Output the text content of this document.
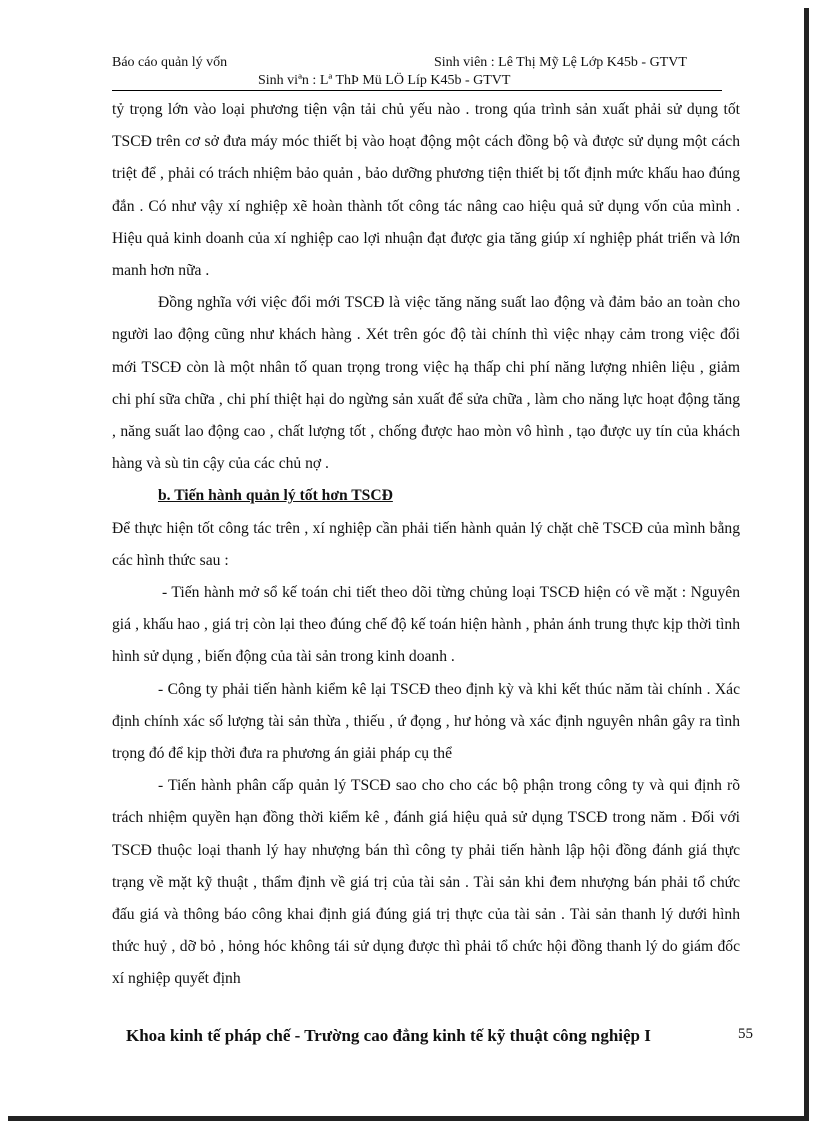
Báo cáo quản lý vốn	Sinh viên : Lê Thị Mỹ Lệ Lớp K45b - GTVT
Sinh viªn : Lª ThÞ Mü LÖ Líp K45b - GTVT

tỷ trọng lớn vào loại phương tiện vận tải chủ yếu nào . trong qúa trình sản xuất phải sử dụng tốt TSCĐ trên cơ sở đưa máy móc thiết bị vào hoạt động một cách đồng bộ và được sử dụng một cách triệt để , phải có trách nhiệm bảo quản , bảo dưỡng phương tiện thiết bị tốt định mức khấu hao đúng đắn . Có như vậy xí nghiệp xẽ hoàn thành tốt công tác nâng cao hiệu quả sử dụng vốn của mình . Hiệu quả kinh doanh của xí nghiệp cao lợi nhuận đạt được gia tăng giúp xí nghiệp phát triển và lớn manh hơn nữa .

Đồng nghĩa với việc đổi mới TSCĐ là việc tăng năng suất lao động và đảm bảo an toàn cho người lao động cũng như khách hàng . Xét trên góc độ tài chính thì việc nhạy cảm trong việc đổi mới TSCĐ còn là một nhân tố quan trọng trong việc hạ thấp chi phí năng lượng nhiên liệu , giảm chi phí sữa chữa , chi phí thiệt hại do ngừng sản xuất để sửa chữa , làm cho năng lực hoạt động tăng , năng suất lao động cao , chất lượng tốt , chống được hao mòn vô hình , tạo được uy tín của khách hàng và sù tin cậy của các chủ nợ .

b. Tiến hành quản lý tốt hơn TSCĐ

Để thực hiện tốt công tác trên , xí nghiệp cần phải tiến hành quản lý chặt chẽ TSCĐ của mình bằng các hình thức sau :

- Tiến hành mở sổ kế toán chi tiết theo dõi từng chủng loại TSCĐ hiện có về mặt : Nguyên giá , khấu hao , giá trị còn lại theo đúng chế độ kế toán hiện hành , phản ánh trung thực kịp thời tình hình sử dụng , biến động của tài sản trong kinh doanh .

- Công ty phải tiến hành kiểm kê lại TSCĐ theo định kỳ và khi kết thúc năm tài chính . Xác định chính xác số lượng tài sản thừa , thiếu , ứ đọng , hư hỏng và xác định nguyên nhân gây ra tình trọng đó để kịp thời đưa ra phương án giải pháp cụ thể

- Tiến hành phân cấp quản lý TSCĐ sao cho cho các bộ phận trong công ty và qui định rõ trách nhiệm quyền hạn đồng thời kiểm kê , đánh giá hiệu quả sử dụng TSCĐ trong năm . Đối với TSCĐ thuộc loại thanh lý hay nhượng bán thì công ty phải tiến hành lập hội đồng đánh giá thực trạng về mặt kỹ thuật , thẩm định về giá trị của tài sản . Tài sản khi đem nhượng bán phải tổ chức đấu giá và thông báo công khai định giá đúng giá trị thực của tài sản . Tài sản thanh lý dưới hình thức huỷ , dỡ bỏ , hỏng hóc không tái sử dụng được thì phải tổ chức hội đồng thanh lý do giám đốc xí nghiệp quyết định

Khoa kinh tế pháp chế - Trường cao đẳng kinh tế kỹ thuật công nghiệp I	55
